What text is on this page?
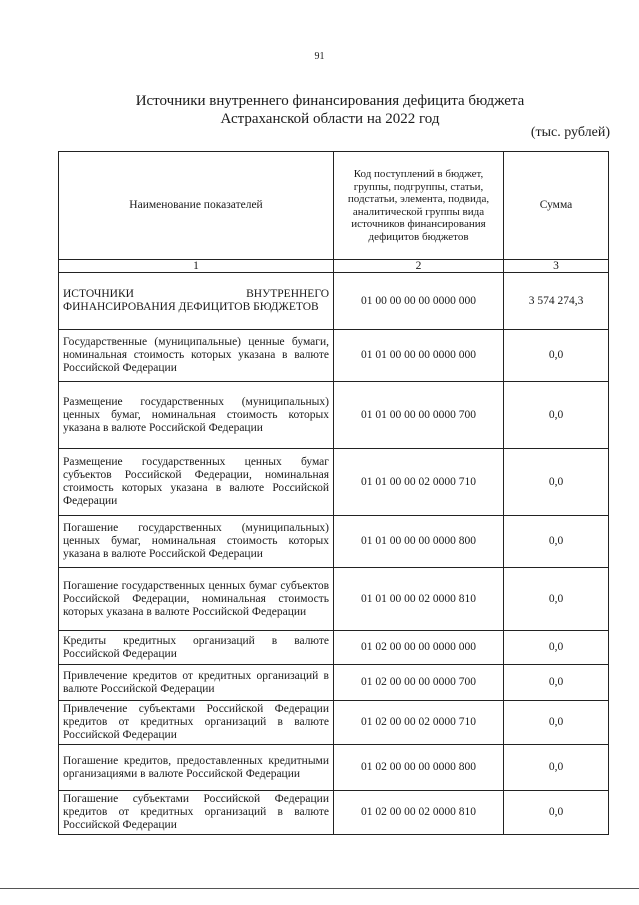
91
Источники внутреннего финансирования дефицита бюджета
Астраханской области на 2022 год
(тыс. рублей)
Наименование показателей	Код поступлений в бюджет, группы, подгруппы, статьи, подстатьи, элемента, подвида, аналитической группы вида источников финансирования дефицитов бюджетов	Сумма
1	2	3
ИСТОЧНИКИ ВНУТРЕННЕГО ФИНАНСИРОВАНИЯ ДЕФИЦИТОВ БЮДЖЕТОВ	01 00 00 00 00 0000 000	3 574 274,3
Государственные (муниципальные) ценные бумаги, номинальная стоимость которых указана в валюте Российской Федерации	01 01 00 00 00 0000 000	0,0
Размещение государственных (муниципальных) ценных бумаг, номинальная стоимость которых указана в валюте Российской Федерации	01 01 00 00 00 0000 700	0,0
Размещение государственных ценных бумаг субъектов Российской Федерации, номинальная стоимость которых указана в валюте Российской Федерации	01 01 00 00 02 0000 710	0,0
Погашение государственных (муниципальных) ценных бумаг, номинальная стоимость которых указана в валюте Российской Федерации	01 01 00 00 00 0000 800	0,0
Погашение государственных ценных бумаг субъектов Российской Федерации, номинальная стоимость которых указана в валюте Российской Федерации	01 01 00 00 02 0000 810	0,0
Кредиты кредитных организаций в валюте Российской Федерации	01 02 00 00 00 0000 000	0,0
Привлечение кредитов от кредитных организаций в валюте Российской Федерации	01 02 00 00 00 0000 700	0,0
Привлечение субъектами Российской Федерации кредитов от кредитных организаций в валюте Российской Федерации	01 02 00 00 02 0000 710	0,0
Погашение кредитов, предоставленных кредитными организациями в валюте Российской Федерации	01 02 00 00 00 0000 800	0,0
Погашение субъектами Российской Федерации кредитов от кредитных организаций в валюте Российской Федерации	01 02 00 00 02 0000 810	0,0
